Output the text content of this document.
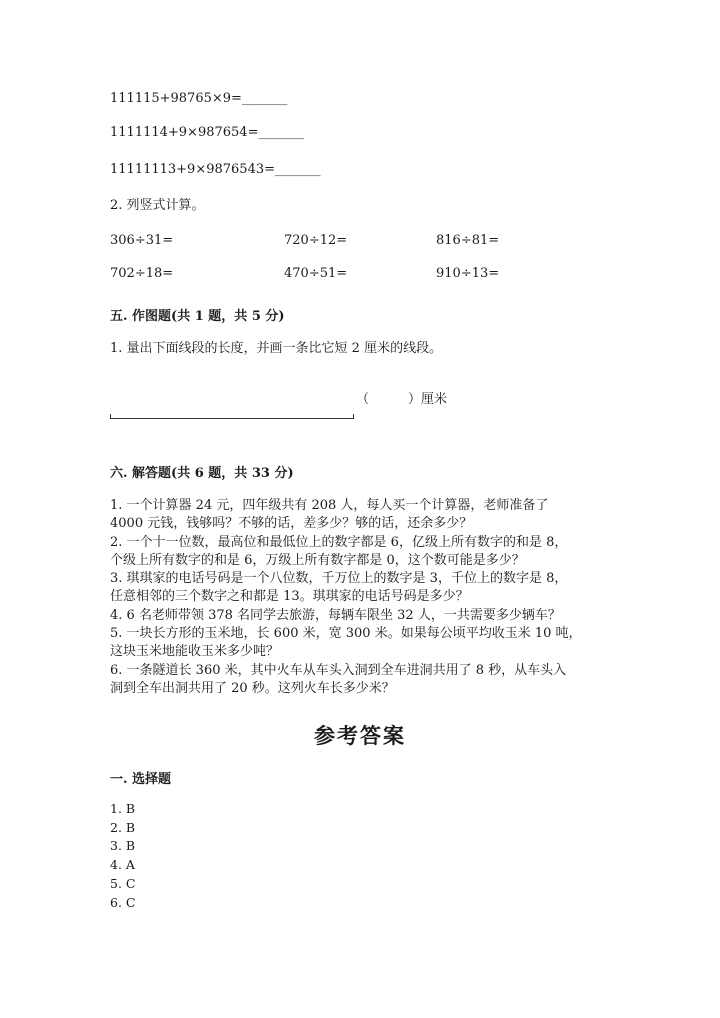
111115+98765×9=_______
1111114+9×987654=_______
11111113+9×9876543=_______
2. 列竖式计算。
306÷31=	720÷12=	816÷81=
702÷18=	470÷51=	910÷13=
五. 作图题(共 1 题，共 5 分)
1. 量出下面线段的长度，并画一条比它短 2 厘米的线段。
（　　　）厘米
六. 解答题(共 6 题，共 33 分)

1. 一个计算器 24 元，四年级共有 208 人，每人买一个计算器，老师准备了

4000 元钱，钱够吗？不够的话，差多少？够的话，还余多少？

2. 一个十一位数，最高位和最低位上的数字都是 6，亿级上所有数字的和是 8，

个级上所有数字的和是 6，万级上所有数字都是 0，这个数可能是多少？

3. 琪琪家的电话号码是一个八位数，千万位上的数字是 3，千位上的数字是 8，

任意相邻的三个数字之和都是 13。琪琪家的电话号码是多少？

4. 6 名老师带领 378 名同学去旅游，每辆车限坐 32 人，一共需要多少辆车？

5. 一块长方形的玉米地，长 600 米，宽 300 米。如果每公顷平均收玉米 10 吨，

这块玉米地能收玉米多少吨？

6. 一条隧道长 360 米，其中火车从车头入洞到全车进洞共用了 8 秒，从车头入

洞到全车出洞共用了 20 秒。这列火车长多少米？

参考答案
一. 选择题
1. B
2. B
3. B
4. A
5. C
6. C
